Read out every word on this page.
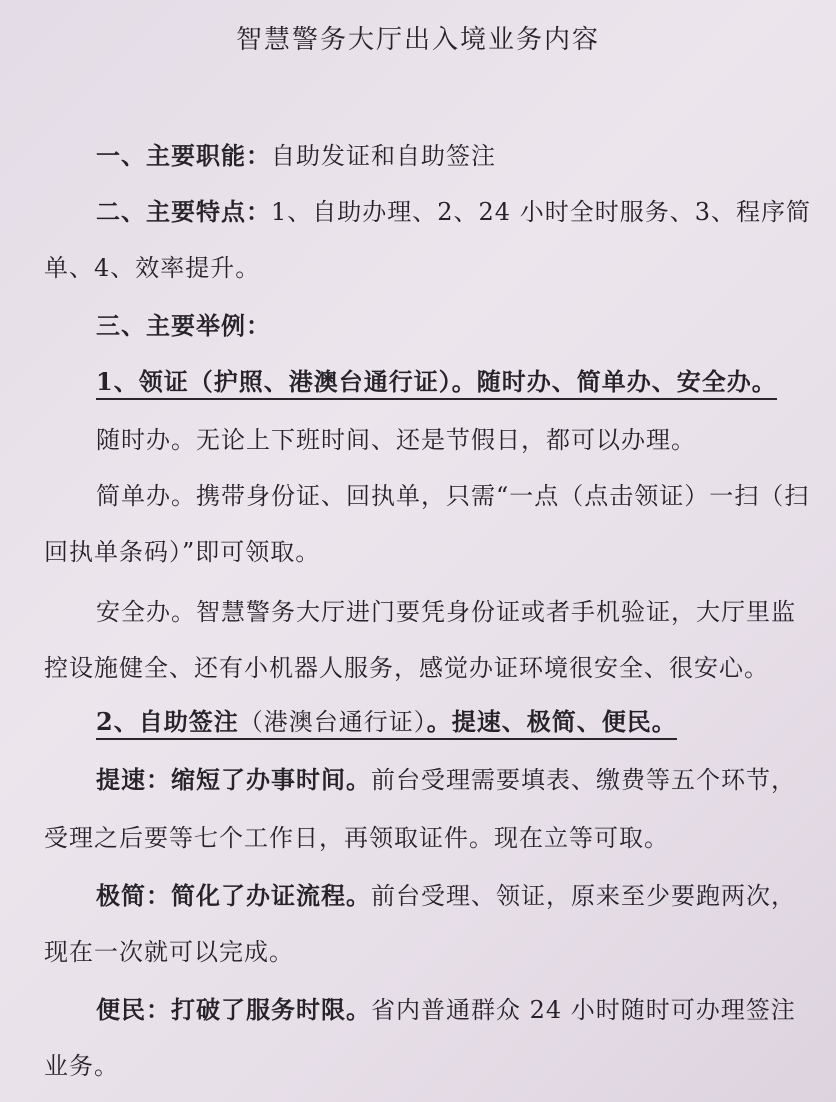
智慧警务大厅出入境业务内容
一、主要职能：自助发证和自助签注
二、主要特点：1、自助办理、2、24 小时全时服务、3、程序简
单、4、效率提升。
三、主要举例：
1、领证（护照、港澳台通行证）。随时办、简单办、安全办。
随时办。无论上下班时间、还是节假日，都可以办理。
简单办。携带身份证、回执单，只需“一点（点击领证）一扫（扫
回执单条码）”即可领取。
安全办。智慧警务大厅进门要凭身份证或者手机验证，大厅里监
控设施健全、还有小机器人服务，感觉办证环境很安全、很安心。
2、自助签注（港澳台通行证）。提速、极简、便民。
提速：缩短了办事时间。前台受理需要填表、缴费等五个环节，
受理之后要等七个工作日，再领取证件。现在立等可取。
极简：简化了办证流程。前台受理、领证，原来至少要跑两次，
现在一次就可以完成。
便民：打破了服务时限。省内普通群众 24 小时随时可办理签注
业务。
